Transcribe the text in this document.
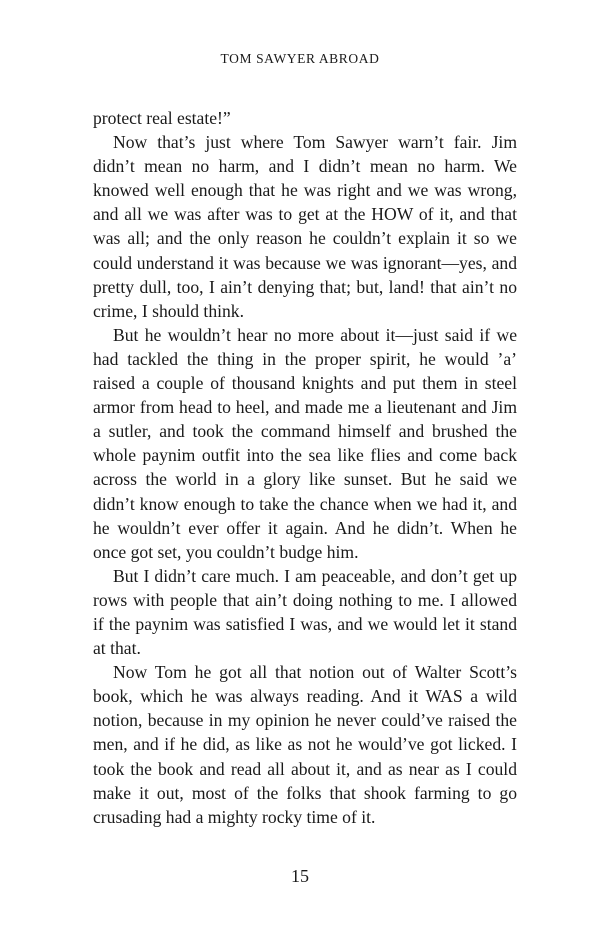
TOM SAWYER ABROAD

protect real estate!”

Now that’s just where Tom Sawyer warn’t fair. Jim didn’t mean no harm, and I didn’t mean no harm. We knowed well enough that he was right and we was wrong, and all we was after was to get at the HOW of it, and that was all; and the only reason he couldn’t explain it so we could understand it was because we was ignorant—yes, and pretty dull, too, I ain’t denying that; but, land! that ain’t no crime, I should think.

But he wouldn’t hear no more about it—just said if we had tackled the thing in the proper spirit, he would ’a’ raised a couple of thousand knights and put them in steel armor from head to heel, and made me a lieutenant and Jim a sutler, and took the command himself and brushed the whole paynim outfit into the sea like flies and come back across the world in a glory like sunset. But he said we didn’t know enough to take the chance when we had it, and he wouldn’t ever offer it again. And he didn’t. When he once got set, you couldn’t budge him.

But I didn’t care much. I am peaceable, and don’t get up rows with people that ain’t doing nothing to me. I allowed if the paynim was satisfied I was, and we would let it stand at that.

Now Tom he got all that notion out of Walter Scott’s book, which he was always reading. And it WAS a wild notion, because in my opinion he never could’ve raised the men, and if he did, as like as not he would’ve got licked. I took the book and read all about it, and as near as I could make it out, most of the folks that shook farming to go crusading had a mighty rocky time of it.

15
